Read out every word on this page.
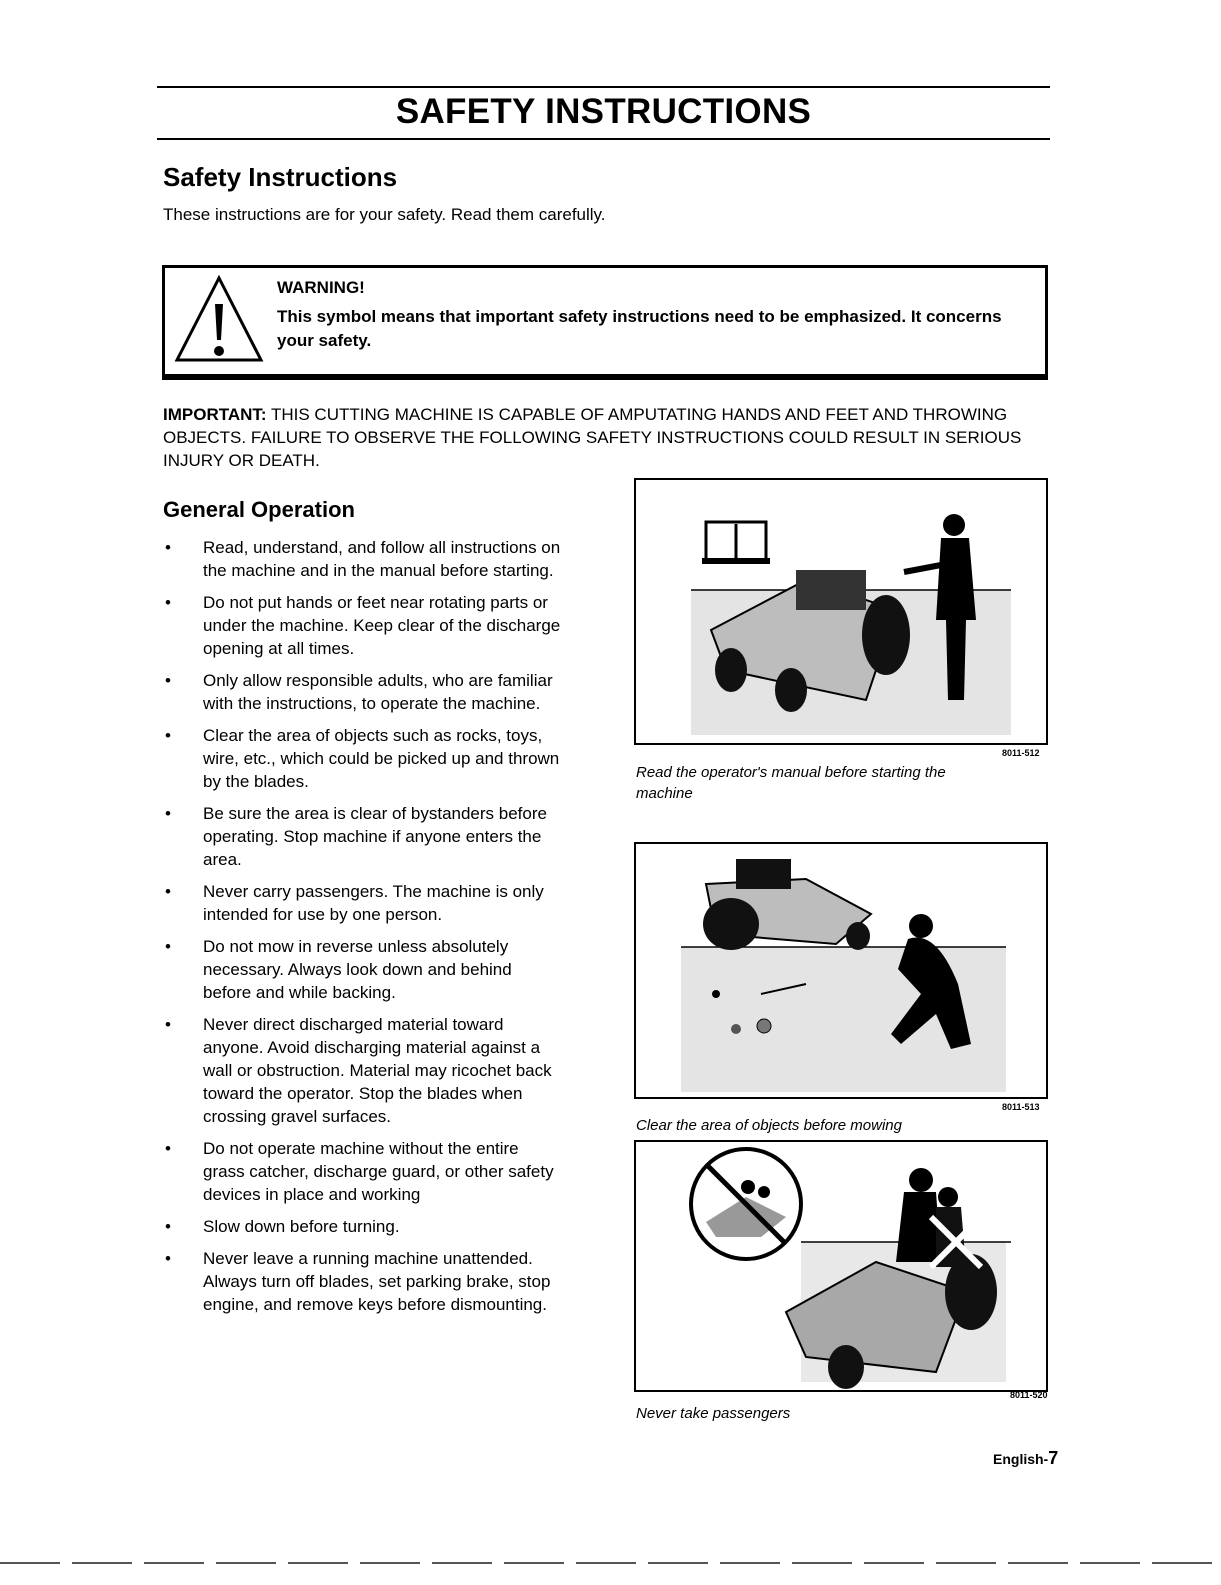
SAFETY INSTRUCTIONS
Safety Instructions
These instructions are for your safety. Read them carefully.
WARNING!
This symbol means that important safety instructions need to be emphasized. It concerns your safety.
IMPORTANT: THIS CUTTING MACHINE IS CAPABLE OF AMPUTATING HANDS AND FEET AND THROWING OBJECTS. FAILURE TO OBSERVE THE FOLLOWING SAFETY INSTRUCTIONS COULD RESULT IN SERIOUS INJURY OR DEATH.
General Operation
• Read, understand, and follow all instructions on the machine and in the manual before starting.
• Do not put hands or feet near rotating parts or under the machine. Keep clear of the discharge opening at all times.
• Only allow responsible adults, who are familiar with the instructions, to operate the machine.
• Clear the area of objects such as rocks, toys, wire, etc., which could be picked up and thrown by the blades.
• Be sure the area is clear of bystanders before operating. Stop machine if anyone enters the area.
• Never carry passengers. The machine is only intended for use by one person.
• Do not mow in reverse unless absolutely necessary. Always look down and behind before and while backing.
• Never direct discharged material toward anyone. Avoid discharging material against a wall or obstruction. Material may ricochet back toward the operator. Stop the blades when crossing gravel surfaces.
• Do not operate machine without the entire grass catcher, discharge guard, or other safety devices in place and working
• Slow down before turning.
• Never leave a running machine unattended. Always turn off blades, set parking brake, stop engine, and remove keys before dismounting.
8011-512
Read the operator's manual before starting the machine
8011-513
Clear the area of objects before mowing
8011-520
Never take passengers
English-7
